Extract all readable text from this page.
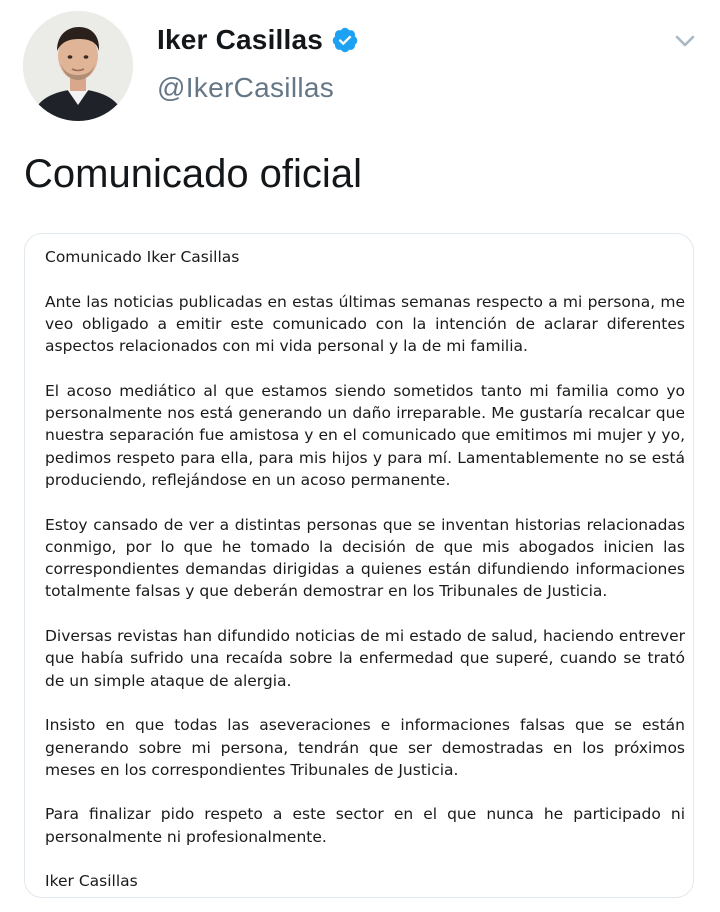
Iker Casillas
@IkerCasillas
Comunicado oficial

Comunicado Iker Casillas

Ante las noticias publicadas en estas últimas semanas respecto a mi persona, me veo obligado a emitir este comunicado con la intención de aclarar diferentes aspectos relacionados con mi vida personal y la de mi familia.

El acoso mediático al que estamos siendo sometidos tanto mi familia como yo personalmente nos está generando un daño irreparable. Me gustaría recalcar que nuestra separación fue amistosa y en el comunicado que emitimos mi mujer y yo, pedimos respeto para ella, para mis hijos y para mí. Lamentablemente no se está produciendo, reflejándose en un acoso permanente.

Estoy cansado de ver a distintas personas que se inventan historias relacionadas conmigo, por lo que he tomado la decisión de que mis abogados inicien las correspondientes demandas dirigidas a quienes están difundiendo informaciones totalmente falsas y que deberán demostrar en los Tribunales de Justicia.

Diversas revistas han difundido noticias de mi estado de salud, haciendo entrever que había sufrido una recaída sobre la enfermedad que superé, cuando se trató de un simple ataque de alergia.

Insisto en que todas las aseveraciones e informaciones falsas que se están generando sobre mi persona, tendrán que ser demostradas en los próximos meses en los correspondientes Tribunales de Justicia.

Para finalizar pido respeto a este sector en el que nunca he participado ni personalmente ni profesionalmente.

Iker Casillas
